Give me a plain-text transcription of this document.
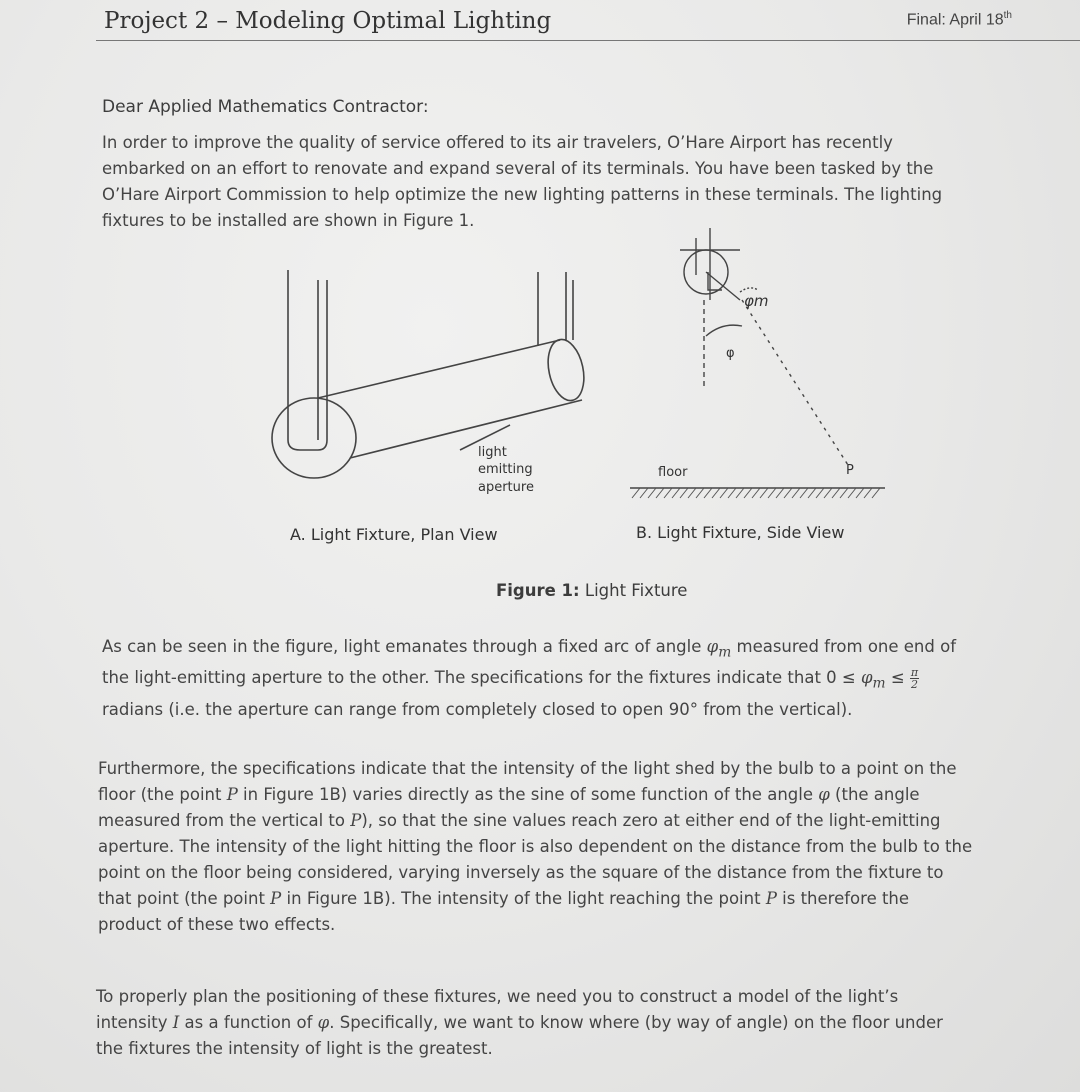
Project 2 – Modeling Optimal Lighting	Final: April 18th
Dear Applied Mathematics Contractor:
In order to improve the quality of service offered to its air travelers, O’Hare Airport has recently
embarked on an effort to renovate and expand several of its terminals. You have been tasked by the
O’Hare Airport Commission to help optimize the new lighting patterns in these terminals. The lighting
fixtures to be installed are shown in Figure 1.
light
emitting
aperture
φm
φ
floor	P
A. Light Fixture, Plan View	B. Light Fixture, Side View
Figure 1: Light Fixture
As can be seen in the figure, light emanates through a fixed arc of angle $\varphi_m$ measured from one end of
the light-emitting aperture to the other. The specifications for the fixtures indicate that $0 \le \varphi_m \le \frac{\pi}{2}$
radians (i.e. the aperture can range from completely closed to open 90° from the vertical).
Furthermore, the specifications indicate that the intensity of the light shed by the bulb to a point on the
floor (the point P in Figure 1B) varies directly as the sine of some function of the angle φ (the angle
measured from the vertical to P), so that the sine values reach zero at either end of the light-emitting
aperture. The intensity of the light hitting the floor is also dependent on the distance from the bulb to the
point on the floor being considered, varying inversely as the square of the distance from the fixture to
that point (the point P in Figure 1B). The intensity of the light reaching the point P is therefore the
product of these two effects.
To properly plan the positioning of these fixtures, we need you to construct a model of the light’s
intensity I as a function of φ. Specifically, we want to know where (by way of angle) on the floor under
the fixtures the intensity of light is the greatest.
